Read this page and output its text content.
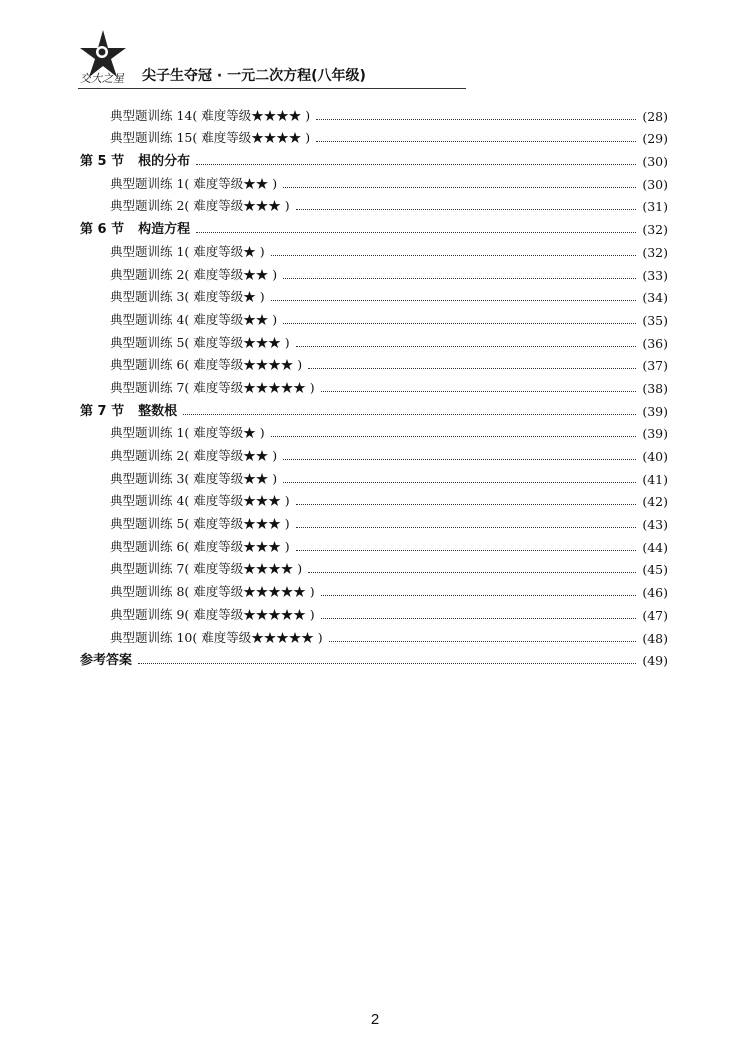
交大之星 尖子生夺冠 · 一元二次方程(八年级)
典型题训练 14( 难度等级★★★★ )	(28)
典型题训练 15( 难度等级★★★★ )	(29)
第 5 节 根的分布	(30)
典型题训练 1( 难度等级★★ )	(30)
典型题训练 2( 难度等级★★★ )	(31)
第 6 节 构造方程	(32)
典型题训练 1( 难度等级★ )	(32)
典型题训练 2( 难度等级★★ )	(33)
典型题训练 3( 难度等级★ )	(34)
典型题训练 4( 难度等级★★ )	(35)
典型题训练 5( 难度等级★★★ )	(36)
典型题训练 6( 难度等级★★★★ )	(37)
典型题训练 7( 难度等级★★★★★ )	(38)
第 7 节 整数根	(39)
典型题训练 1( 难度等级★ )	(39)
典型题训练 2( 难度等级★★ )	(40)
典型题训练 3( 难度等级★★ )	(41)
典型题训练 4( 难度等级★★★ )	(42)
典型题训练 5( 难度等级★★★ )	(43)
典型题训练 6( 难度等级★★★ )	(44)
典型题训练 7( 难度等级★★★★ )	(45)
典型题训练 8( 难度等级★★★★★ )	(46)
典型题训练 9( 难度等级★★★★★ )	(47)
典型题训练 10( 难度等级★★★★★ )	(48)
参考答案	(49)
2
